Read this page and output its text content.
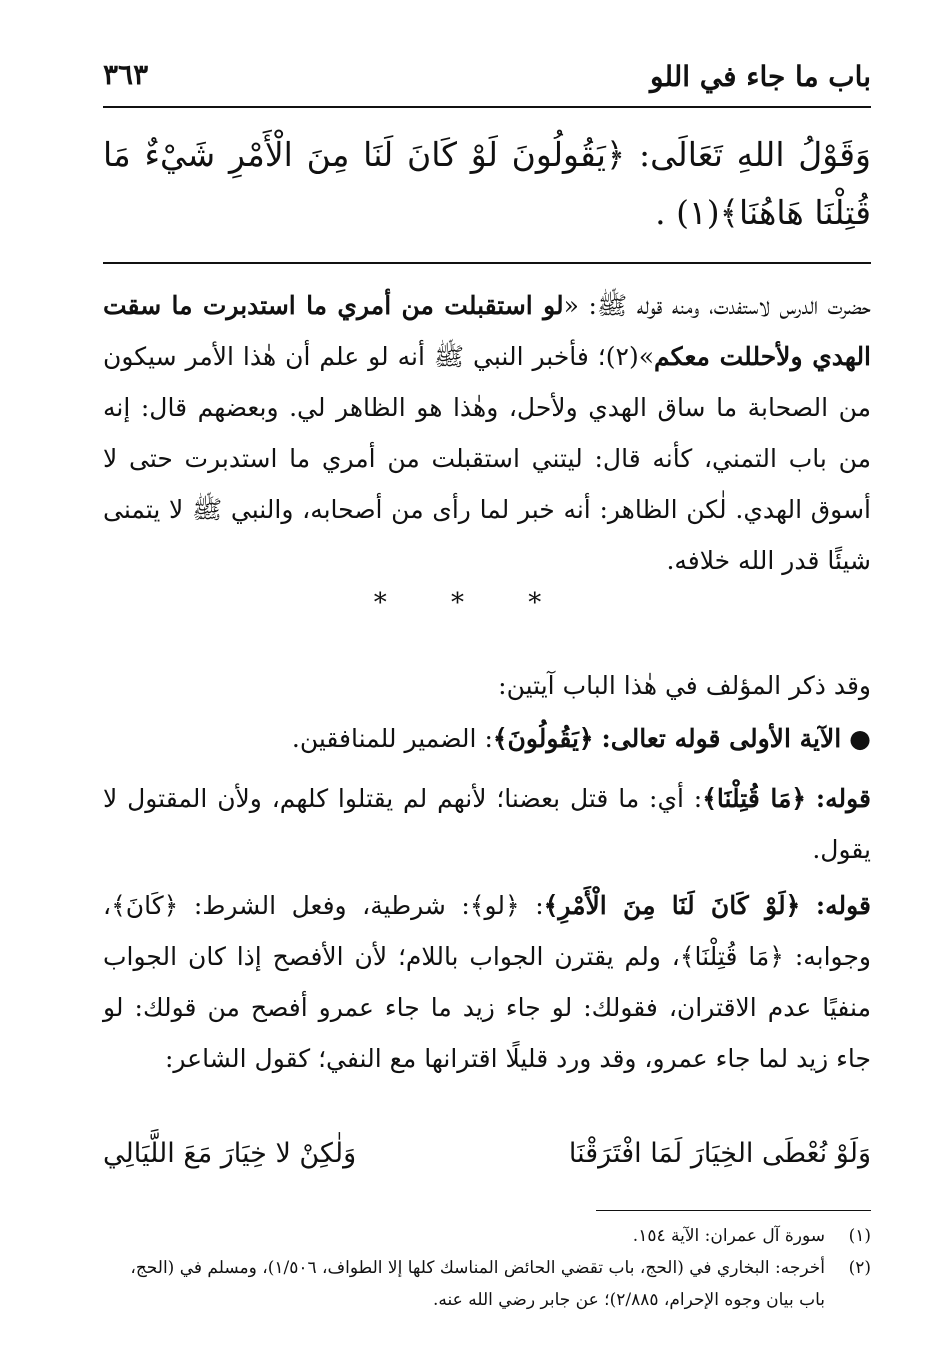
باب ما جاء في اللو
٣٦٣
وَقَوْلُ اللهِ تَعَالَى: ﴿يَقُولُونَ لَوْ كَانَ لَنَا مِنَ الْأَمْرِ شَيْءٌ مَا قُتِلْنَا هَاهُنَا﴾(١) .
حضرت الدرس لاستفدت، ومنه قوله ﷺ: «لو استقبلت من أمري ما استدبرت ما سقت الهدي ولأحللت معكم»(٢)؛ فأخبر النبي ﷺ أنه لو علم أن هٰذا الأمر سيكون من الصحابة ما ساق الهدي ولأحل، وهٰذا هو الظاهر لي. وبعضهم قال: إنه من باب التمني، كأنه قال: ليتني استقبلت من أمري ما استدبرت حتى لا أسوق الهدي. لٰكن الظاهر: أنه خبر لما رأى من أصحابه، والنبي ﷺ لا يتمنى شيئًا قدر الله خلافه.
* * *
وقد ذكر المؤلف في هٰذا الباب آيتين:
●الآية الأولى قوله تعالى: ﴿يَقُولُونَ﴾: الضمير للمنافقين.
قوله: ﴿مَا قُتِلْنَا﴾: أي: ما قتل بعضنا؛ لأنهم لم يقتلوا كلهم، ولأن المقتول لا يقول.
قوله: ﴿لَوْ كَانَ لَنَا مِنَ الْأَمْرِ﴾: ﴿لو﴾: شرطية، وفعل الشرط: ﴿كَانَ﴾، وجوابه: ﴿مَا قُتِلْنَا﴾، ولم يقترن الجواب باللام؛ لأن الأفصح إذا كان الجواب منفيًا عدم الاقتران، فقولك: لو جاء زيد ما جاء عمرو أفصح من قولك: لو جاء زيد لما جاء عمرو، وقد ورد قليلًا اقترانها مع النفي؛ كقول الشاعر:
وَلَوْ نُعْطَى الخِيَارَ لَمَا افْتَرَقْنَا
وَلٰكِنْ لا خِيَارَ مَعَ اللَّيَالِي
(١)
سورة آل عمران: الآية ١٥٤.
(٢)
أخرجه: البخاري في (الحج، باب تقضي الحائض المناسك كلها إلا الطواف، ١/٥٠٦)، ومسلم في (الحج، باب بيان وجوه الإحرام، ٢/٨٨٥)؛ عن جابر رضي الله عنه.
